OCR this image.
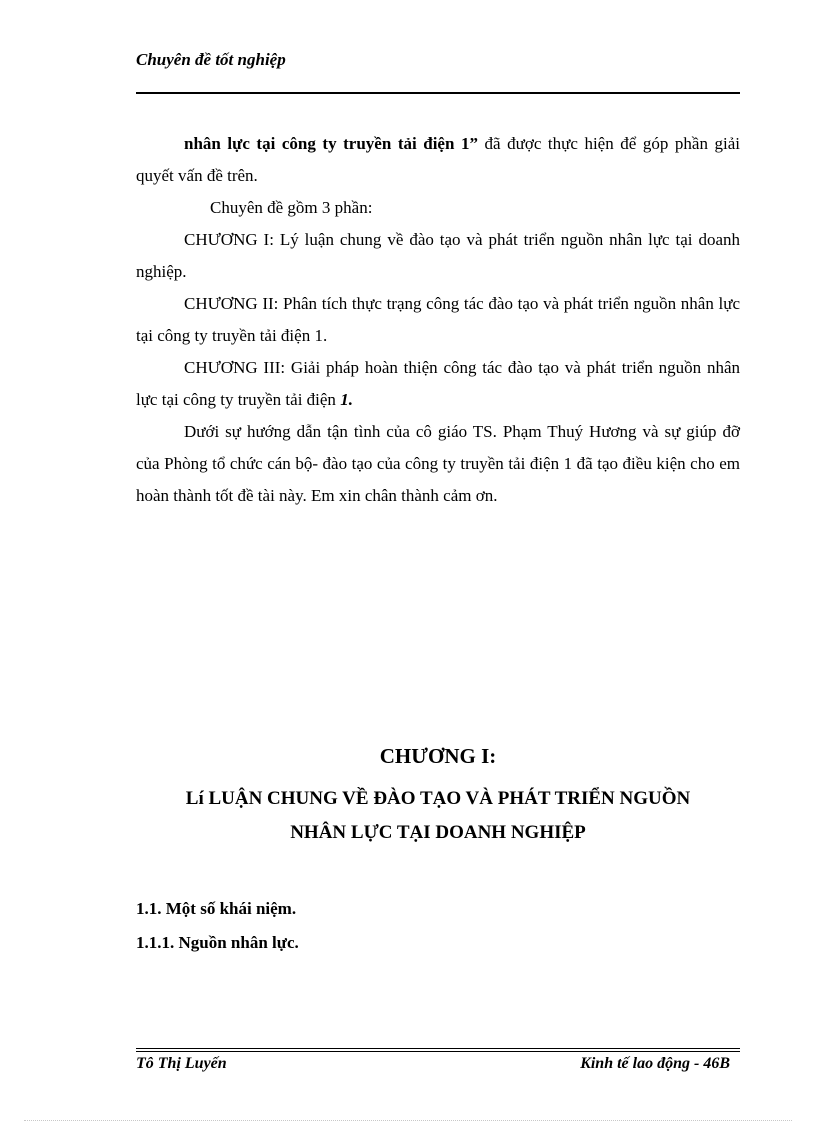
Chuyên đề tốt nghiệp

nhân lực tại công ty truyền tải điện 1” đã được thực hiện để góp phần giải quyết vấn đề trên.

Chuyên đề gồm 3 phần:

CHƯƠNG I: Lý luận chung về đào tạo và phát triển nguồn nhân lực tại doanh nghiệp.

CHƯƠNG II: Phân tích thực trạng công tác đào tạo và phát triển nguồn nhân lực tại công ty truyền tải điện 1.

CHƯƠNG III: Giải pháp hoàn thiện công tác đào tạo và phát triển nguồn nhân lực tại công ty truyền tải điện 1.

Dưới sự hướng dẫn tận tình của cô giáo TS. Phạm Thuý Hương và sự giúp đỡ của Phòng tổ chức cán bộ- đào tạo của công ty truyền tải điện 1 đã tạo điều kiện cho em hoàn thành tốt đề tài này. Em xin chân thành cảm ơn.

CHƯƠNG I:

Lí LUẬN CHUNG VỀ ĐÀO TẠO VÀ PHÁT TRIỂN NGUỒN

NHÂN LỰC TẠI DOANH NGHIỆP

1.1. Một số khái niệm.

1.1.1. Nguồn nhân lực.

Tô Thị Luyến	Kinh tế lao động - 46B
